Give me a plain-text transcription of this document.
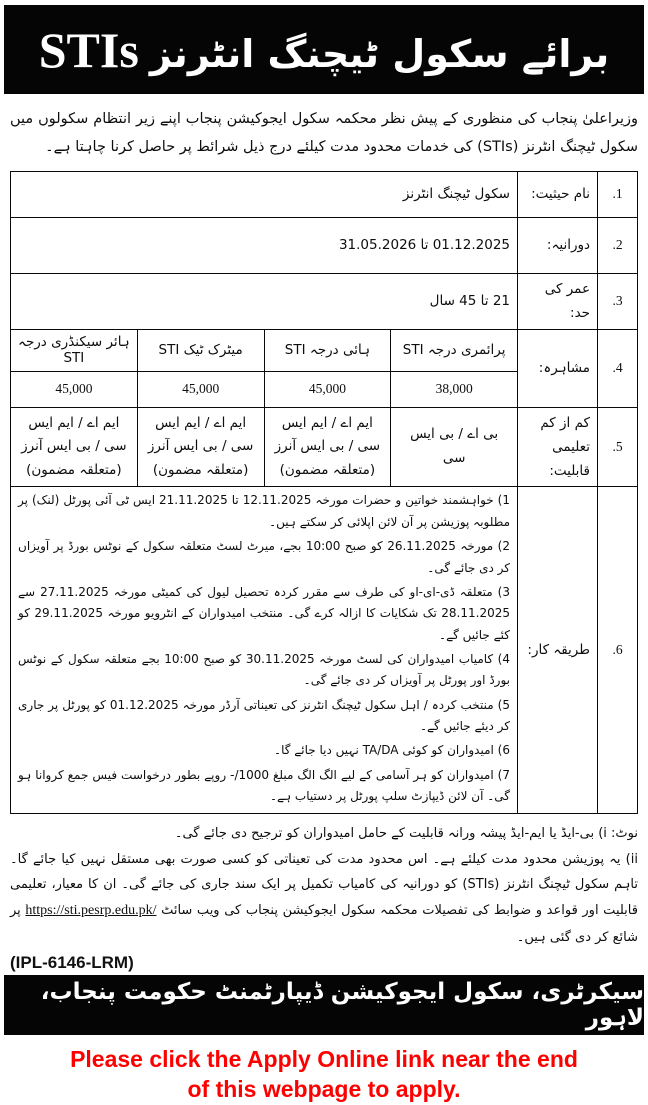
برائے سکول ٹیچنگ انٹرنز STIs

وزیراعلیٰ پنجاب کی منظوری کے پیش نظر محکمہ سکول ایجوکیشن پنجاب اپنے زیر انتظام سکولوں میں سکول ٹیچنگ انٹرنز (STIs) کی خدمات محدود مدت کیلئے درج ذیل شرائط پر حاصل کرنا چاہتا ہے۔

.1	نام حیثیت:	سکول ٹیچنگ انٹرنز			
.2	دورانیہ:	01.12.2025 تا 31.05.2026			
.3	عمر کی حد:	21 تا 45 سال			
.4	مشاہرہ:	پرائمری درجہ STI	ہائی درجہ STI	میٹرک ٹیک STI	ہائر سیکنڈری درجہ STI
		38,000	45,000	45,000	45,000
.5	کم از کم تعلیمی قابلیت:	بی اے / بی ایس سی	ایم اے / ایم ایس سی / بی ایس آنرز (متعلقہ مضمون)	ایم اے / ایم ایس سی / بی ایس آنرز (متعلقہ مضمون)	ایم اے / ایم ایس سی / بی ایس آنرز (متعلقہ مضمون)
.6	طریقہ کار:	
1) خواہشمند خواتین و حضرات مورخہ 12.11.2025 تا 21.11.2025 ایس ٹی آئی پورٹل (لنک) پر مطلوبہ پوزیشن پر آن لائن اپلائی کر سکتے ہیں۔
2) مورخہ 26.11.2025 کو صبح 10:00 بجے، میرٹ لسٹ متعلقہ سکول کے نوٹس بورڈ پر آویزاں کر دی جائے گی۔
3) متعلقہ ڈی-ای-او کی طرف سے مقرر کردہ تحصیل لیول کی کمیٹی مورخہ 27.11.2025 سے 28.11.2025 تک شکایات کا ازالہ کرے گی۔ منتخب امیدواران کے انٹرویو مورخہ 29.11.2025 کو کئے جائیں گے۔
4) کامیاب امیدواران کی لسٹ مورخہ 30.11.2025 کو صبح 10:00 بجے متعلقہ سکول کے نوٹس بورڈ اور پورٹل پر آویزاں کر دی جائے گی۔
5) منتخب کردہ / اہل سکول ٹیچنگ انٹرنز کی تعیناتی آرڈر مورخہ 01.12.2025 کو پورٹل پر جاری کر دیئے جائیں گے۔
6) امیدواران کو کوئی TA/DA نہیں دیا جائے گا۔
7) امیدواران کو ہر آسامی کے لیے الگ الگ مبلغ ‎-/1000‎ روپے بطور درخواست فیس جمع کروانا ہو گی۔ آن لائن ڈیپازٹ سلپ پورٹل پر دستیاب ہے۔

نوٹ: i) بی-ایڈ یا ایم-ایڈ پیشہ ورانہ قابلیت کے حامل امیدواران کو ترجیح دی جائے گی۔

ii) یہ پوزیشن محدود مدت کیلئے ہے۔ اس محدود مدت کی تعیناتی کو کسی صورت بھی مستقل نہیں کیا جائے گا۔ تاہم سکول ٹیچنگ انٹرنز (STIs) کو دورانیہ کی کامیاب تکمیل پر ایک سند جاری کی جائے گی۔ ان کا معیار، تعلیمی قابلیت اور قواعد و ضوابط کی تفصیلات محکمہ سکول ایجوکیشن پنجاب کی ویب سائٹ https://sti.pesrp.edu.pk/ پر شائع کر دی گئی ہیں۔

(IPL-6146-LRM)
سیکرٹری، سکول ایجوکیشن ڈیپارٹمنٹ حکومت پنجاب، لاہور
Please click the Apply Online link near the end
of this webpage to apply.
